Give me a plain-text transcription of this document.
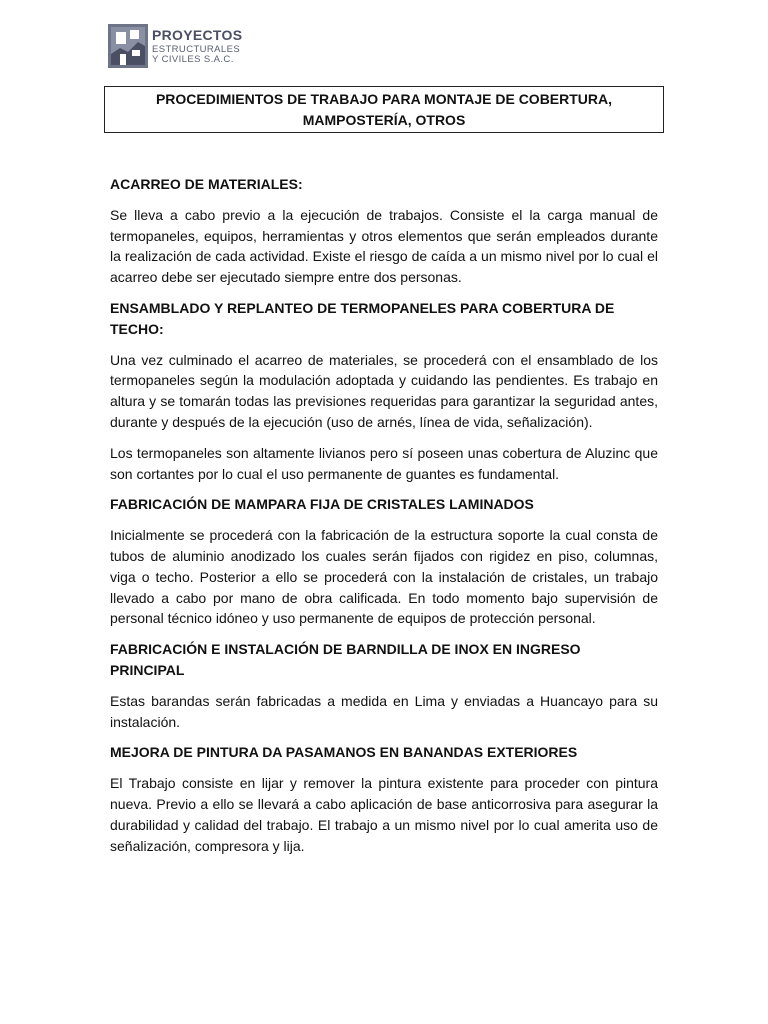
PROYECTOS
ESTRUCTURALES
Y CIVILES S.A.C.
PROCEDIMIENTOS DE TRABAJO PARA MONTAJE DE COBERTURA,
MAMPOSTERÍA, OTROS
ACARREO DE MATERIALES:

Se lleva a cabo previo a la ejecución de trabajos. Consiste el la carga manual de termopaneles, equipos, herramientas y otros elementos que serán empleados durante la realización de cada actividad. Existe el riesgo de caída a un mismo nivel por lo cual el acarreo debe ser ejecutado siempre entre dos personas.

ENSAMBLADO Y REPLANTEO DE TERMOPANELES PARA COBERTURA DE TECHO:

Una vez culminado el acarreo de materiales, se procederá con el ensamblado de los termopaneles según la modulación adoptada y cuidando las pendientes. Es trabajo en altura y se tomarán todas las previsiones requeridas para garantizar la seguridad antes, durante y después de la ejecución (uso de arnés, línea de vida, señalización).

Los termopaneles son altamente livianos pero sí poseen unas cobertura de Aluzinc que son cortantes por lo cual el uso permanente de guantes es fundamental.

FABRICACIÓN DE MAMPARA FIJA DE CRISTALES LAMINADOS

Inicialmente se procederá con la fabricación de la estructura soporte la cual consta de tubos de aluminio anodizado los cuales serán fijados con rigidez en piso, columnas, viga o techo. Posterior a ello se procederá con la instalación de cristales, un trabajo llevado a cabo por mano de obra calificada. En todo momento bajo supervisión de personal técnico idóneo y uso permanente de equipos de protección personal.

FABRICACIÓN E INSTALACIÓN DE BARNDILLA DE INOX EN INGRESO PRINCIPAL

Estas barandas serán fabricadas a medida en Lima y enviadas a Huancayo para su instalación.

MEJORA DE PINTURA DA PASAMANOS EN BANANDAS EXTERIORES

El Trabajo consiste en lijar y remover la pintura existente para proceder con pintura nueva. Previo a ello se llevará a cabo aplicación de base anticorrosiva para asegurar la durabilidad y calidad del trabajo. El trabajo a un mismo nivel por lo cual amerita uso de señalización, compresora y lija.
